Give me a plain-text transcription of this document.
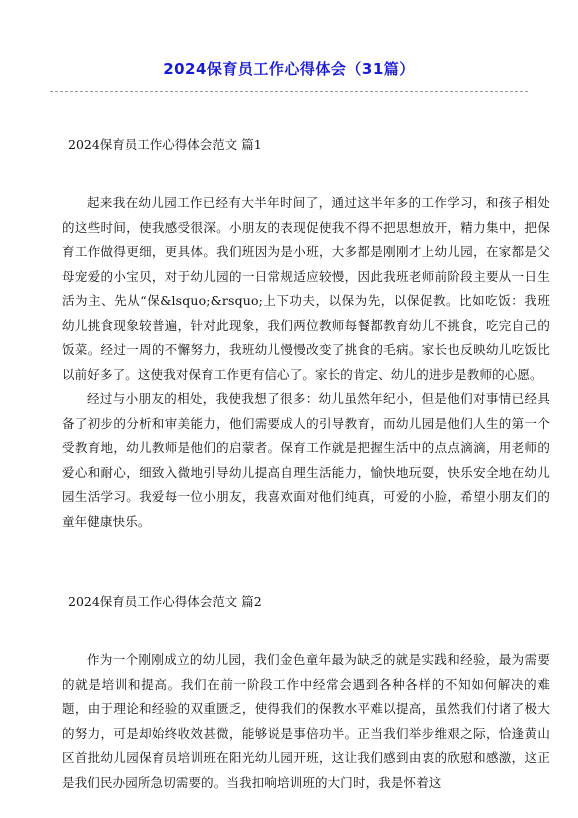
2024保育员工作心得体会（31篇）
2024保育员工作心得体会范文 篇1

起来我在幼儿园工作已经有大半年时间了，通过这半年多的工作学习，和孩子相处的这些时间，使我感受很深。小朋友的表现促使我不得不把思想放开，精力集中，把保育工作做得更细，更具体。我们班因为是小班，大多都是刚刚才上幼儿园，在家都是父母宠爱的小宝贝，对于幼儿园的一日常规适应较慢，因此我班老师前阶段主要从一日生活为主、先从“保&lsquo;&rsquo;上下功夫，以保为先，以保促教。比如吃饭：我班幼儿挑食现象较普遍，针对此现象，我们两位教师每餐都教育幼儿不挑食，吃完自己的饭菜。经过一周的不懈努力，我班幼儿慢慢改变了挑食的毛病。家长也反映幼儿吃饭比以前好多了。这使我对保育工作更有信心了。家长的肯定、幼儿的进步是教师的心愿。

经过与小朋友的相处，我使我想了很多：幼儿虽然年纪小，但是他们对事情已经具备了初步的分析和审美能力，他们需要成人的引导教育，而幼儿园是他们人生的第一个受教育地，幼儿教师是他们的启蒙者。保育工作就是把握生活中的点点滴滴，用老师的爱心和耐心，细致入微地引导幼儿提高自理生活能力，愉快地玩耍，快乐安全地在幼儿园生活学习。我爱每一位小朋友，我喜欢面对他们纯真，可爱的小脸，希望小朋友们的童年健康快乐。

2024保育员工作心得体会范文 篇2

作为一个刚刚成立的幼儿园，我们金色童年最为缺乏的就是实践和经验，最为需要的就是培训和提高。我们在前一阶段工作中经常会遇到各种各样的不知如何解决的难题，由于理论和经验的双重匮乏，使得我们的保教水平难以提高，虽然我们付诸了极大的努力，可是却始终收效甚微，能够说是事倍功半。正当我们举步维艰之际，恰逢黄山区首批幼儿园保育员培训班在阳光幼儿园开班，这让我们感到由衷的欣慰和感激，这正是我们民办园所急切需要的。当我扣响培训班的大门时，我是怀着这
